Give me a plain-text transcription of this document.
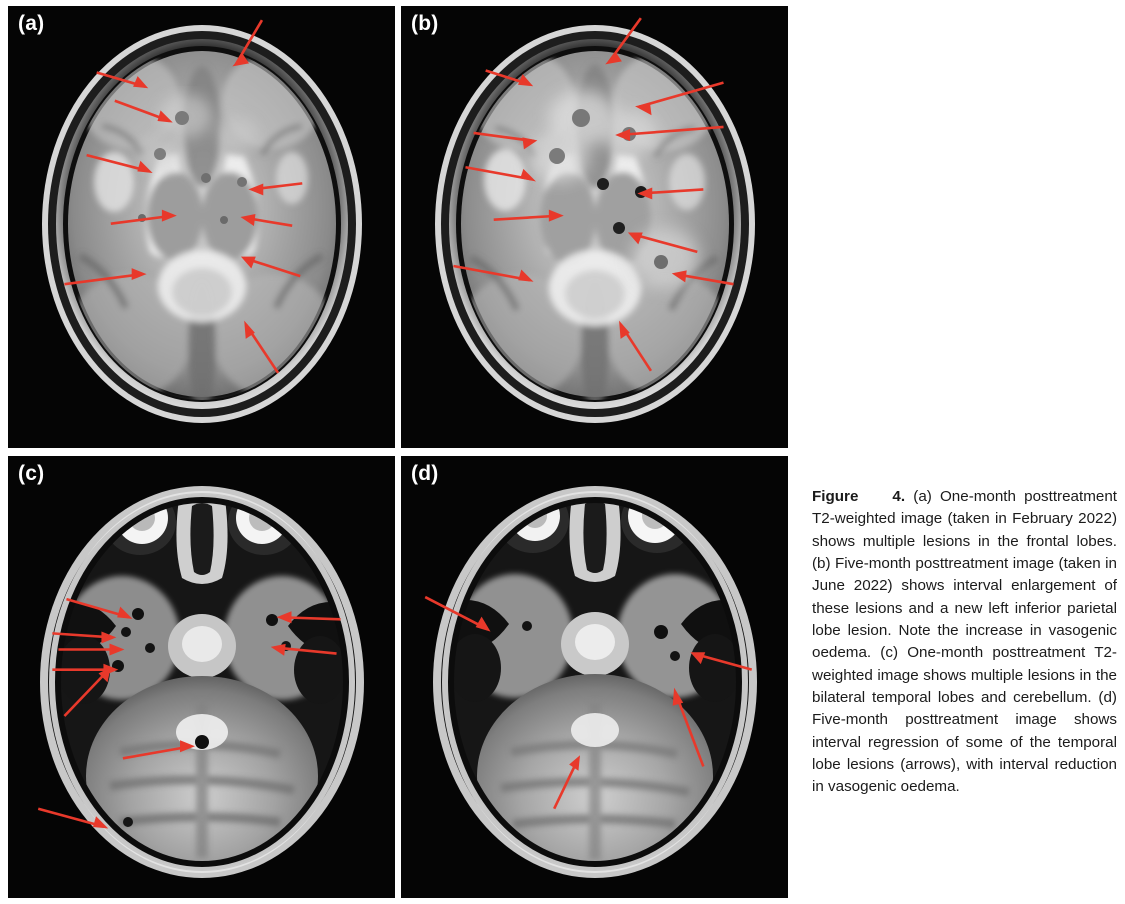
(a)	(b)
(c)	(d)
Figure 4. (a) One-month posttreatment T2-weighted image (taken in February 2022) shows multiple lesions in the frontal lobes. (b) Five-month posttreatment image (taken in June 2022) shows interval enlargement of these lesions and a new left inferior parietal lobe lesion. Note the increase in vasogenic oedema. (c) One-month posttreatment T2-weighted image shows multiple lesions in the bilateral temporal lobes and cerebellum. (d) Five-month posttreatment image shows interval regression of some of the temporal lobe lesions (arrows), with interval reduction in vasogenic oedema.
